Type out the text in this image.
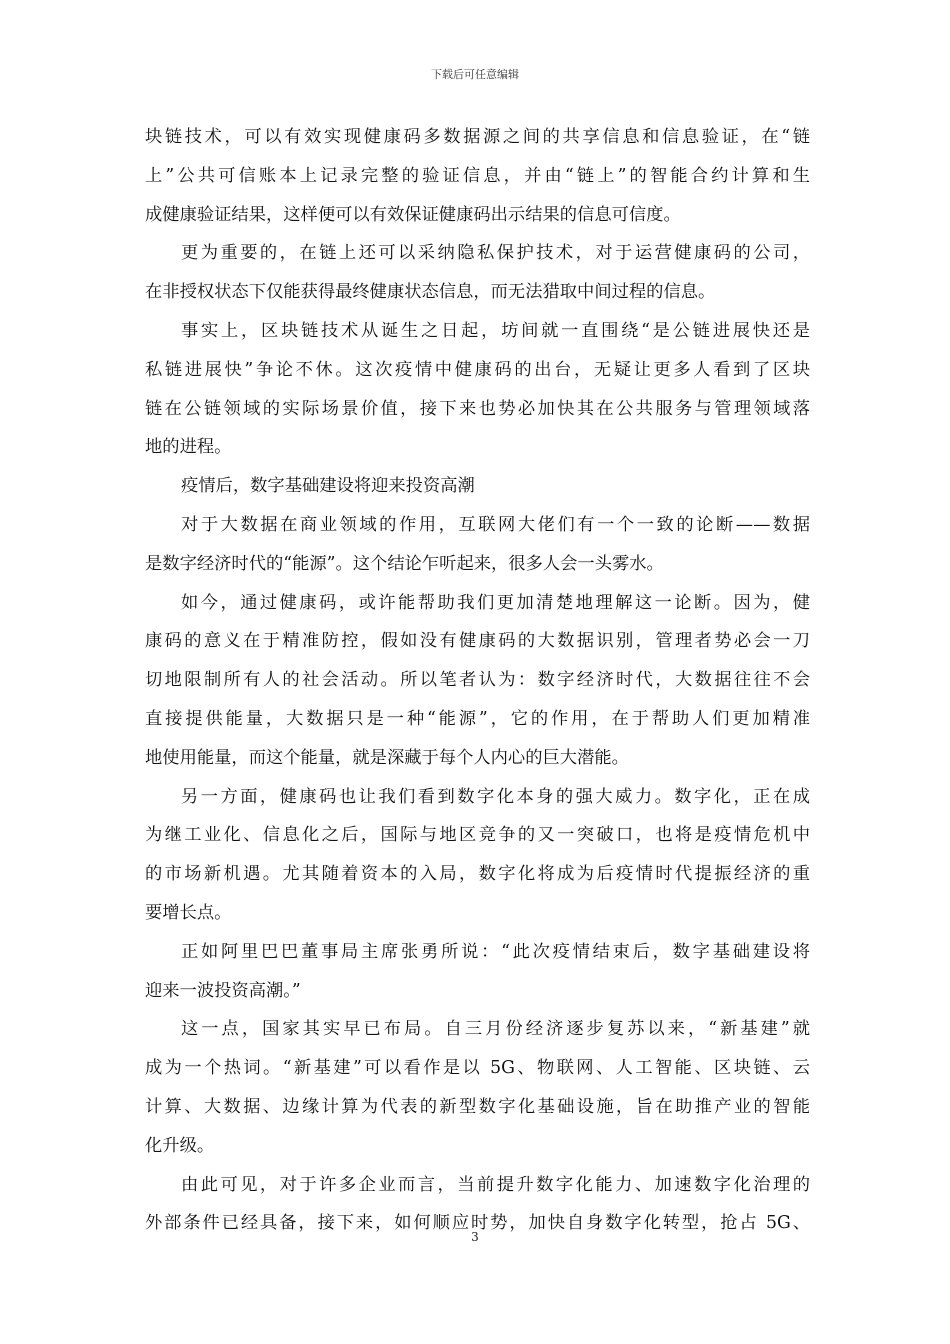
下载后可任意编辑
块链技术，可以有效实现健康码多数据源之间的共享信息和信息验证，在“链
上”公共可信账本上记录完整的验证信息，并由“链上”的智能合约计算和生
成健康验证结果，这样便可以有效保证健康码出示结果的信息可信度。
更为重要的，在链上还可以采纳隐私保护技术，对于运营健康码的公司，
在非授权状态下仅能获得最终健康状态信息，而无法猎取中间过程的信息。
事实上，区块链技术从诞生之日起，坊间就一直围绕“是公链进展快还是
私链进展快”争论不休。这次疫情中健康码的出台，无疑让更多人看到了区块
链在公链领域的实际场景价值，接下来也势必加快其在公共服务与管理领域落
地的进程。
疫情后，数字基础建设将迎来投资高潮
对于大数据在商业领域的作用，互联网大佬们有一个一致的论断——数据
是数字经济时代的“能源”。这个结论乍听起来，很多人会一头雾水。
如今，通过健康码，或许能帮助我们更加清楚地理解这一论断。因为，健
康码的意义在于精准防控，假如没有健康码的大数据识别，管理者势必会一刀
切地限制所有人的社会活动。所以笔者认为：数字经济时代，大数据往往不会
直接提供能量，大数据只是一种“能源”，它的作用，在于帮助人们更加精准
地使用能量，而这个能量，就是深藏于每个人内心的巨大潜能。
另一方面，健康码也让我们看到数字化本身的强大威力。数字化，正在成
为继工业化、信息化之后，国际与地区竞争的又一突破口，也将是疫情危机中
的市场新机遇。尤其随着资本的入局，数字化将成为后疫情时代提振经济的重
要增长点。
正如阿里巴巴董事局主席张勇所说：“此次疫情结束后，数字基础建设将
迎来一波投资高潮。”
这一点，国家其实早已布局。自三月份经济逐步复苏以来，“新基建”就
成为一个热词。“新基建”可以看作是以 5G、物联网、人工智能、区块链、云
计算、大数据、边缘计算为代表的新型数字化基础设施，旨在助推产业的智能
化升级。
由此可见，对于许多企业而言，当前提升数字化能力、加速数字化治理的
外部条件已经具备，接下来，如何顺应时势，加快自身数字化转型，抢占 5G、
3
